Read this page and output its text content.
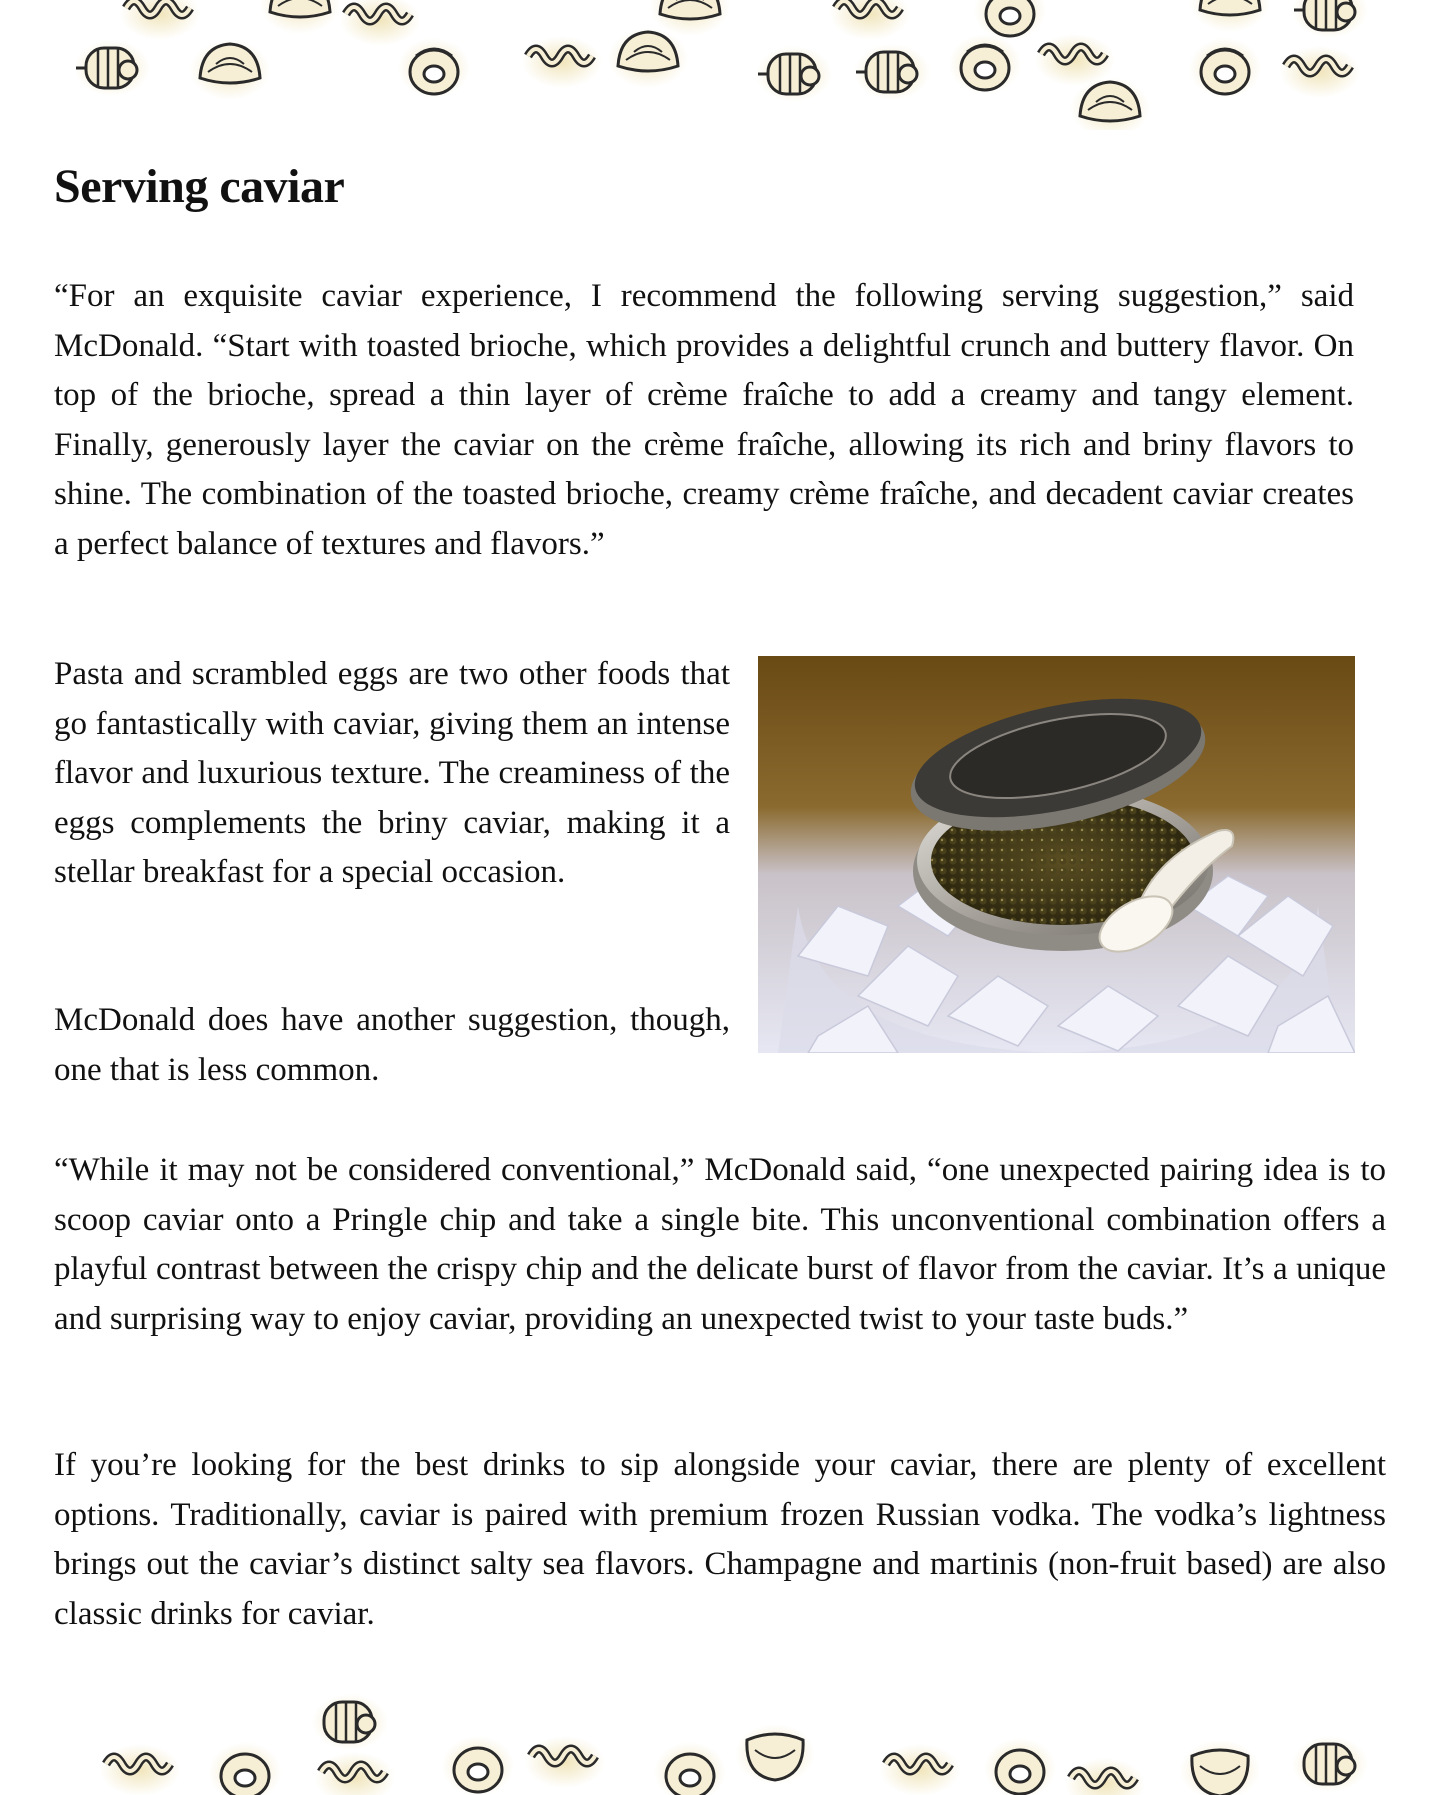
Serving caviar

“For an exquisite caviar experience, I recommend the following serving suggestion,” said McDonald. “Start with toasted brioche, which provides a delightful crunch and buttery flavor. On top of the brioche, spread a thin layer of crème fraîche to add a creamy and tangy element. Finally, generously layer the caviar on the crème fraîche, allowing its rich and briny flavors to shine. The combination of the toasted brioche, creamy crème fraîche, and decadent caviar creates a perfect balance of textures and flavors.”

Pasta and scrambled eggs are two other foods that go fantastically with caviar, giving them an intense flavor and luxurious texture. The creaminess of the eggs complements the briny caviar, making it a stellar breakfast for a special occasion.

McDonald does have another suggestion, though, one that is less common.

“While it may not be considered conventional,” McDonald said, “one unexpected pairing idea is to scoop caviar onto a Pringle chip and take a single bite. This unconventional combination offers a playful contrast between the crispy chip and the delicate burst of flavor from the caviar. It’s a unique and surprising way to enjoy caviar, providing an unexpected twist to your taste buds.”

If you’re looking for the best drinks to sip alongside your caviar, there are plenty of excellent options. Traditionally, caviar is paired with premium frozen Russian vodka. The vodka’s lightness brings out the caviar’s distinct salty sea flavors. Champagne and martinis (non-fruit based) are also classic drinks for caviar.
